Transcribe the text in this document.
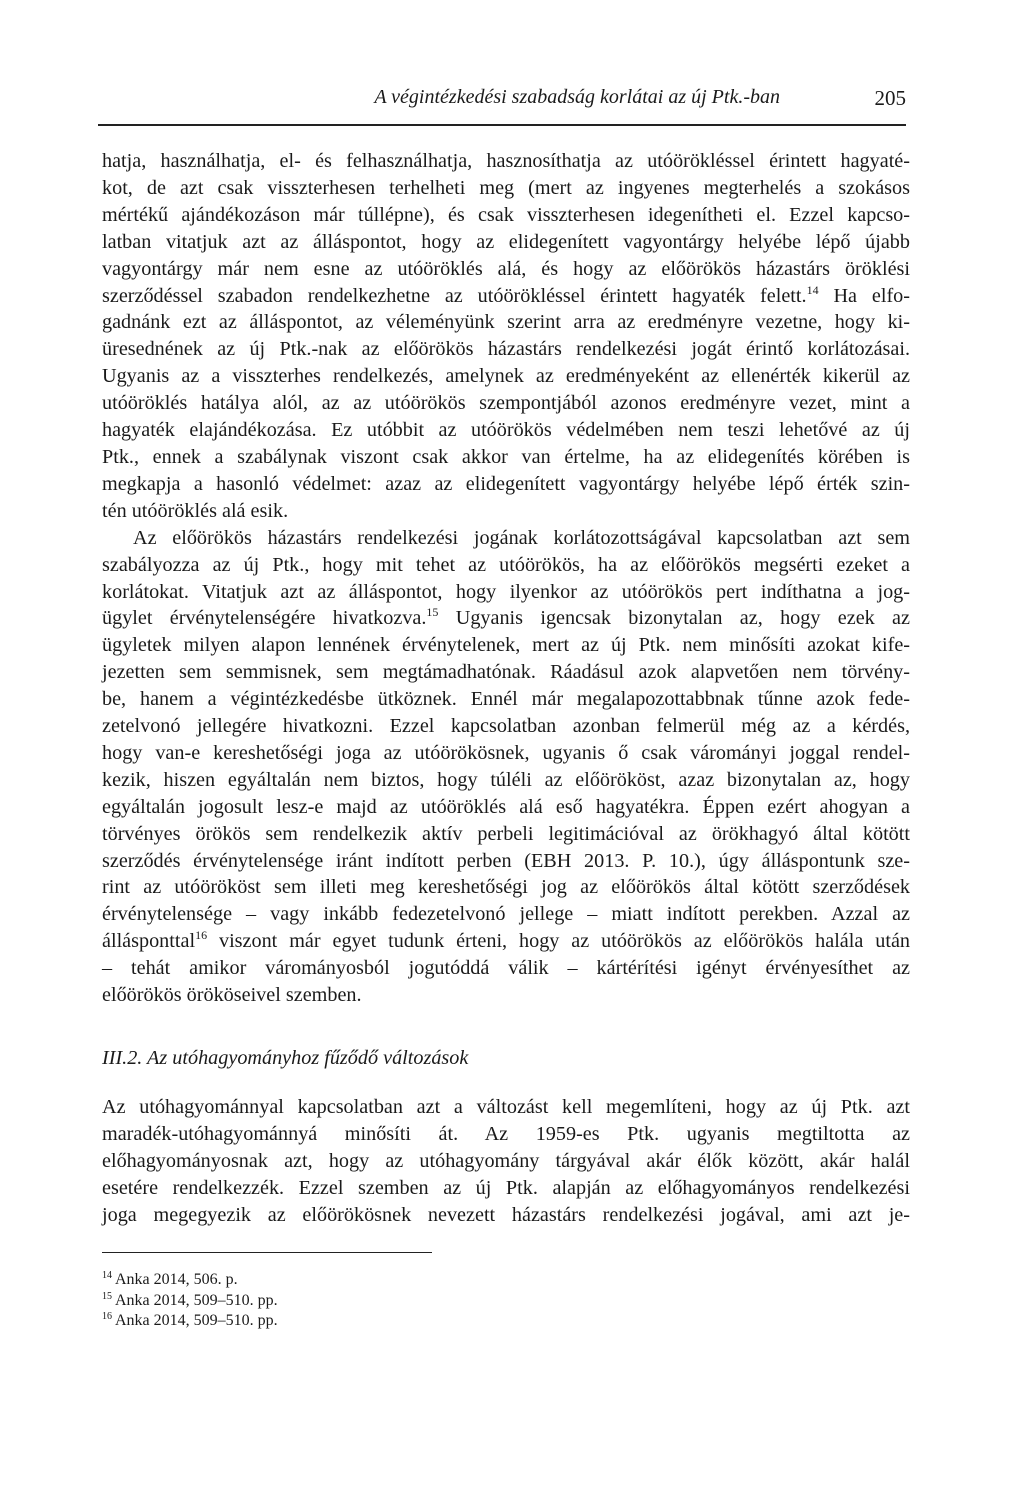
A végintézkedési szabadság korlátai az új Ptk.-ban	205

hatja, használhatja, el- és felhasználhatja, hasznosíthatja az utóörökléssel érintett hagyaté-
kot, de azt csak visszterhesen terhelheti meg (mert az ingyenes megterhelés a szokásos
mértékű ajándékozáson már túllépne), és csak visszterhesen idegenítheti el. Ezzel kapcso-
latban vitatjuk azt az álláspontot, hogy az elidegenített vagyontárgy helyébe lépő újabb
vagyontárgy már nem esne az utóöröklés alá, és hogy az előörökös házastárs öröklési
szerződéssel szabadon rendelkezhetne az utóörökléssel érintett hagyaték felett.$^{14}$ Ha elfo-
gadnánk ezt az álláspontot, az véleményünk szerint arra az eredményre vezetne, hogy ki-
üresednének az új Ptk.-nak az előörökös házastárs rendelkezési jogát érintő korlátozásai.
Ugyanis az a visszterhes rendelkezés, amelynek az eredményeként az ellenérték kikerül az
utóöröklés hatálya alól, az az utóörökös szempontjából azonos eredményre vezet, mint a
hagyaték elajándékozása. Ez utóbbit az utóörökös védelmében nem teszi lehetővé az új
Ptk., ennek a szabálynak viszont csak akkor van értelme, ha az elidegenítés körében is
megkapja a hasonló védelmet: azaz az elidegenített vagyontárgy helyébe lépő érték szin-
tén utóöröklés alá esik.

Az előörökös házastárs rendelkezési jogának korlátozottságával kapcsolatban azt sem
szabályozza az új Ptk., hogy mit tehet az utóörökös, ha az előörökös megsérti ezeket a
korlátokat. Vitatjuk azt az álláspontot, hogy ilyenkor az utóörökös pert indíthatna a jog-
ügylet érvénytelenségére hivatkozva.$^{15}$ Ugyanis igencsak bizonytalan az, hogy ezek az
ügyletek milyen alapon lennének érvénytelenek, mert az új Ptk. nem minősíti azokat kife-
jezetten sem semmisnek, sem megtámadhatónak. Ráadásul azok alapvetően nem törvény-
be, hanem a végintézkedésbe ütköznek. Ennél már megalapozottabbnak tűnne azok fede-
zetelvonó jellegére hivatkozni. Ezzel kapcsolatban azonban felmerül még az a kérdés,
hogy van-e kereshetőségi joga az utóörökösnek, ugyanis ő csak várományi joggal rendel-
kezik, hiszen egyáltalán nem biztos, hogy túléli az előörököst, azaz bizonytalan az, hogy
egyáltalán jogosult lesz-e majd az utóöröklés alá eső hagyatékra. Éppen ezért ahogyan a
törvényes örökös sem rendelkezik aktív perbeli legitimációval az örökhagyó által kötött
szerződés érvénytelensége iránt indított perben (EBH 2013. P. 10.), úgy álláspontunk sze-
rint az utóörököst sem illeti meg kereshetőségi jog az előörökös által kötött szerződések
érvénytelensége – vagy inkább fedezetelvonó jellege – miatt indított perekben. Azzal az
állásponttal$^{16}$ viszont már egyet tudunk érteni, hogy az utóörökös az előörökös halála után
– tehát amikor várományosból jogutóddá válik – kártérítési igényt érvényesíthet az
előörökös örököseivel szemben.

III.2. Az utóhagyományhoz fűződő változások

Az utóhagyománnyal kapcsolatban azt a változást kell megemlíteni, hogy az új Ptk. azt
maradék-utóhagyománnyá minősíti át. Az 1959-es Ptk. ugyanis megtiltotta az
előhagyományosnak azt, hogy az utóhagyomány tárgyával akár élők között, akár halál
esetére rendelkezzék. Ezzel szemben az új Ptk. alapján az előhagyományos rendelkezési
joga megegyezik az előörökösnek nevezett házastárs rendelkezési jogával, ami azt je-

$^{14}$ Anka 2014, 506. p.
$^{15}$ Anka 2014, 509–510. pp.
$^{16}$ Anka 2014, 509–510. pp.
